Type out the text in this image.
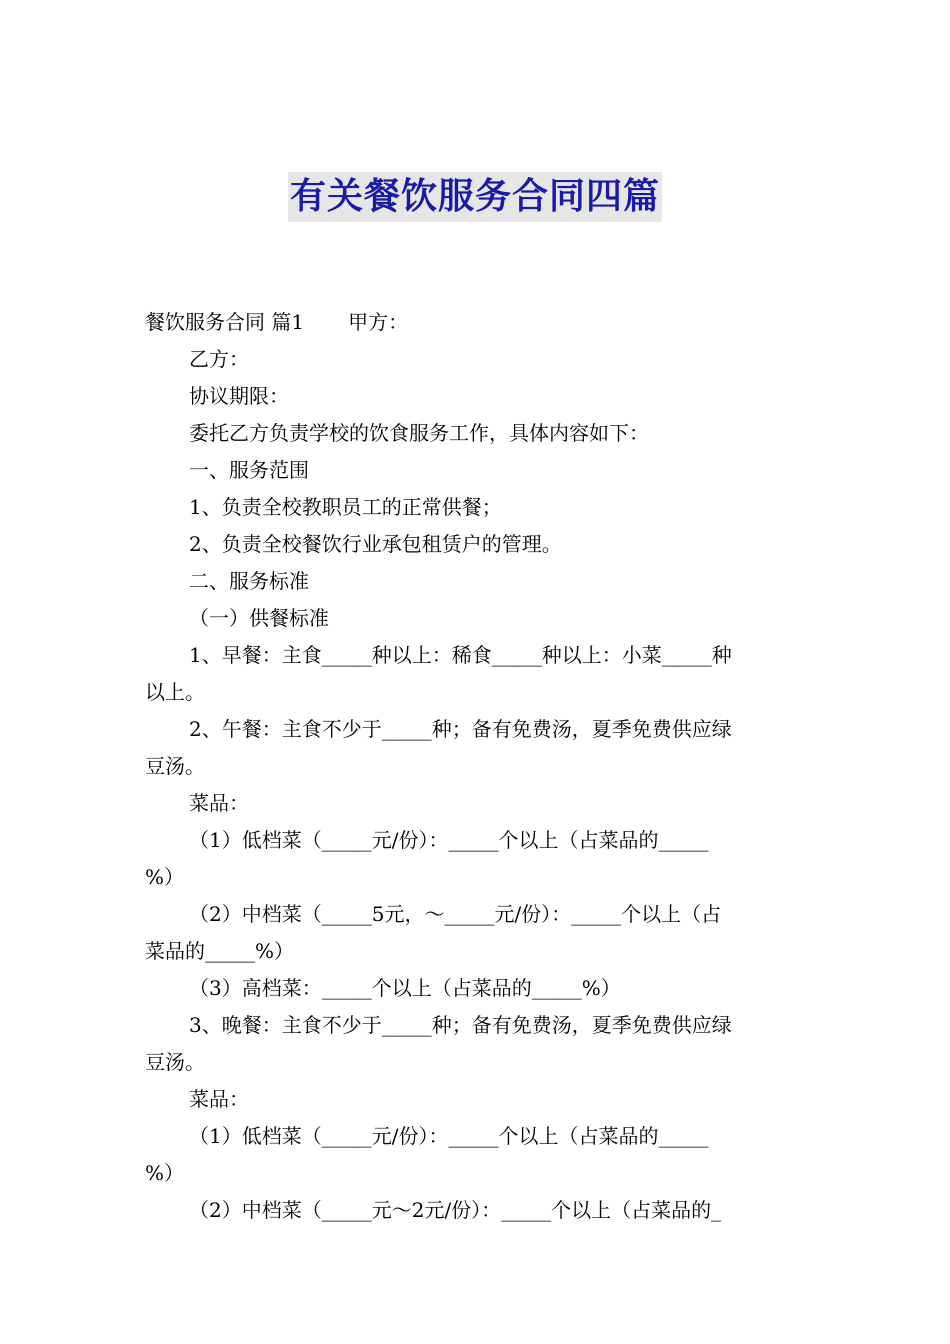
有关餐饮服务合同四篇
餐饮服务合同 篇1 甲方：
乙方：
协议期限：
委托乙方负责学校的饮食服务工作，具体内容如下：
一、服务范围
1、负责全校教职员工的正常供餐；
2、负责全校餐饮行业承包租赁户的管理。
二、服务标准
（一）供餐标准
1、早餐：主食_____种以上：稀食_____种以上：小菜_____种
以上。
2、午餐：主食不少于_____种；备有免费汤，夏季免费供应绿
豆汤。
菜品：
（1）低档菜（_____元/份）：_____个以上（占菜品的_____
%）
（2）中档菜（_____5元，～_____元/份）：_____个以上（占
菜品的_____%）
（3）高档菜：_____个以上（占菜品的_____%）
3、晚餐：主食不少于_____种；备有免费汤，夏季免费供应绿
豆汤。
菜品：
（1）低档菜（_____元/份）：_____个以上（占菜品的_____
%）
（2）中档菜（_____元～2元/份）：_____个以上（占菜品的_
